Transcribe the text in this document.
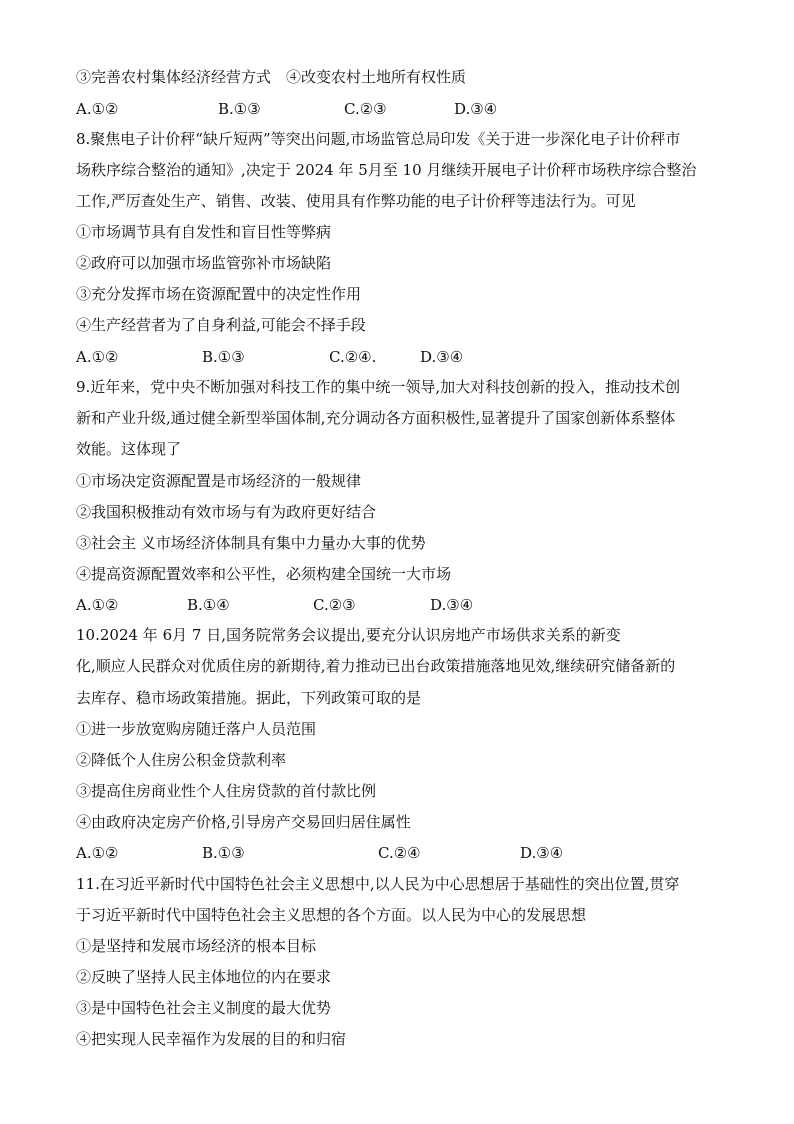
③完善农村集体经济经营方式　④改变农村土地所有权性质
A.①②	B.①③	C.②③	D.③④
8.聚焦电子计价秤“缺斤短两”等突出问题,市场监管总局印发《关于进一步深化电子计价秤市
场秩序综合整治的通知》,决定于 2024 年 5月至 10 月继续开展电子计价秤市场秩序综合整治
工作,严厉查处生产、销售、改装、使用具有作弊功能的电子计价秤等违法行为。可见
①市场调节具有自发性和盲目性等弊病
②政府可以加强市场监管弥补市场缺陷
③充分发挥市场在资源配置中的决定性作用
④生产经营者为了自身利益,可能会不择手段
A.①②	B.①③	C.②④.	D.③④
9.近年来，党中央不断加强对科技工作的集中统一领导,加大对科技创新的投入，推动技术创
新和产业升级,通过健全新型举国体制,充分调动各方面积极性,显著提升了国家创新体系整体
效能。这体现了
①市场决定资源配置是市场经济的一般规律
②我国积极推动有效市场与有为政府更好结合
③社会主 义市场经济体制具有集中力量办大事的优势
④提高资源配置效率和公平性，必须构建全国统一大市场
A.①②	B.①④	C.②③	D.③④
10.2024 年 6月 7 日,国务院常务会议提出,要充分认识房地产市场供求关系的新变
化,顺应人民群众对优质住房的新期待,着力推动已出台政策措施落地见效,继续研究储备新的
去库存、稳市场政策措施。据此，下列政策可取的是
①进一步放宽购房随迁落户人员范围
②降低个人住房公积金贷款利率
③提高住房商业性个人住房贷款的首付款比例
④由政府决定房产价格,引导房产交易回归居住属性
A.①②	B.①③	C.②④	D.③④
11.在习近平新时代中国特色社会主义思想中,以人民为中心思想居于基础性的突出位置,贯穿
于习近平新时代中国特色社会主义思想的各个方面。以人民为中心的发展思想
①是坚持和发展市场经济的根本目标
②反映了坚持人民主体地位的内在要求
③是中国特色社会主义制度的最大优势
④把实现人民幸福作为发展的目的和归宿
